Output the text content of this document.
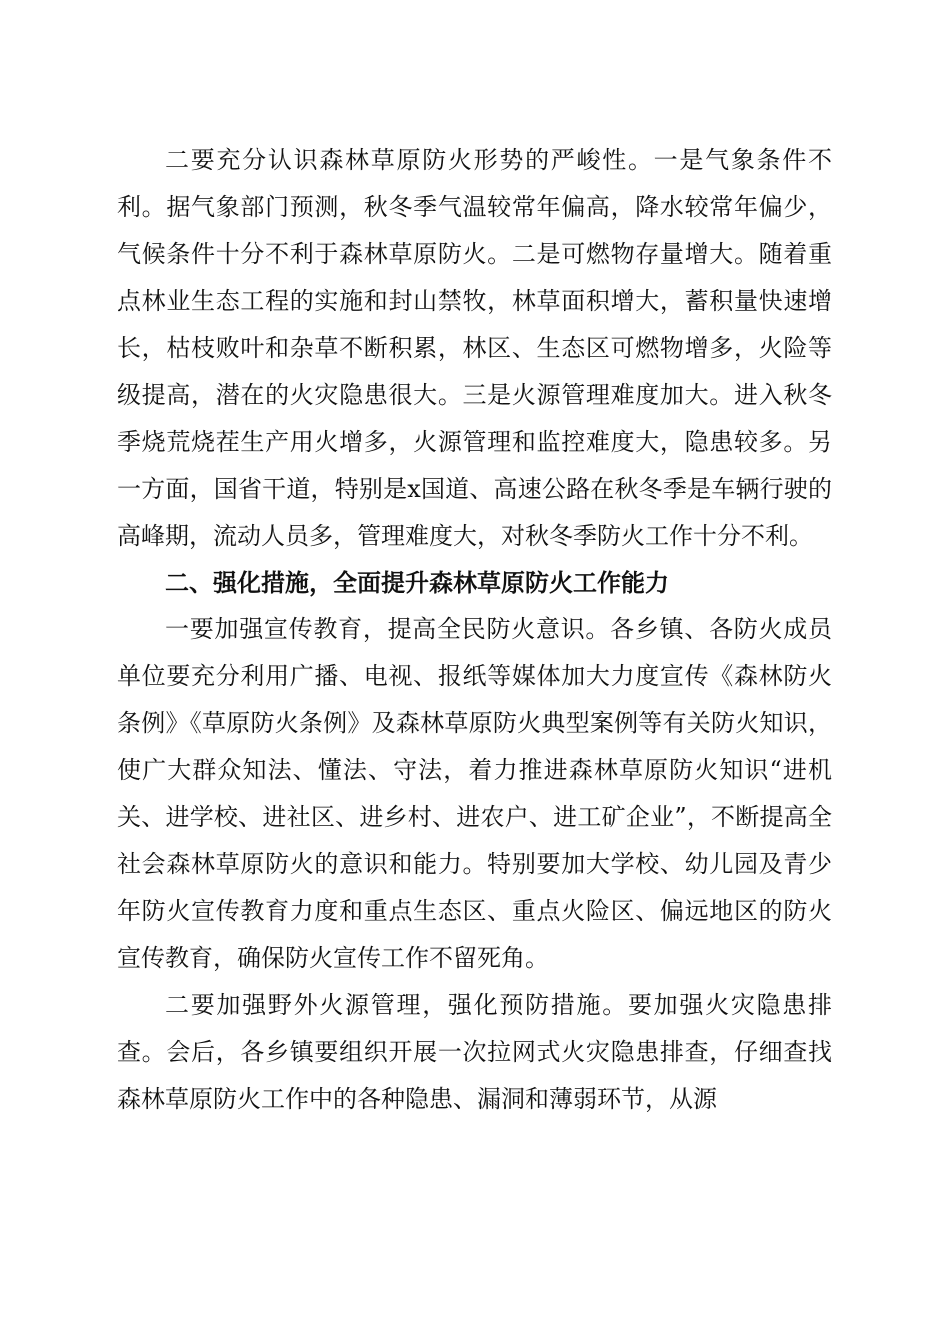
二要充分认识森林草原防火形势的严峻性。一是气象条件不利。据气象部门预测，秋冬季气温较常年偏高，降水较常年偏少，气候条件十分不利于森林草原防火。二是可燃物存量增大。随着重点林业生态工程的实施和封山禁牧，林草面积增大，蓄积量快速增长，枯枝败叶和杂草不断积累，林区、生态区可燃物增多，火险等级提高，潜在的火灾隐患很大。三是火源管理难度加大。进入秋冬季烧荒烧茬生产用火增多，火源管理和监控难度大，隐患较多。另一方面，国省干道，特别是x国道、高速公路在秋冬季是车辆行驶的高峰期，流动人员多，管理难度大，对秋冬季防火工作十分不利。

二、强化措施，全面提升森林草原防火工作能力

一要加强宣传教育，提高全民防火意识。各乡镇、各防火成员单位要充分利用广播、电视、报纸等媒体加大力度宣传《森林防火条例》《草原防火条例》及森林草原防火典型案例等有关防火知识，使广大群众知法、懂法、守法，着力推进森林草原防火知识“进机关、进学校、进社区、进乡村、进农户、进工矿企业”，不断提高全社会森林草原防火的意识和能力。特别要加大学校、幼儿园及青少年防火宣传教育力度和重点生态区、重点火险区、偏远地区的防火宣传教育，确保防火宣传工作不留死角。

二要加强野外火源管理，强化预防措施。要加强火灾隐患排查。会后，各乡镇要组织开展一次拉网式火灾隐患排查，仔细查找森林草原防火工作中的各种隐患、漏洞和薄弱环节，从源
